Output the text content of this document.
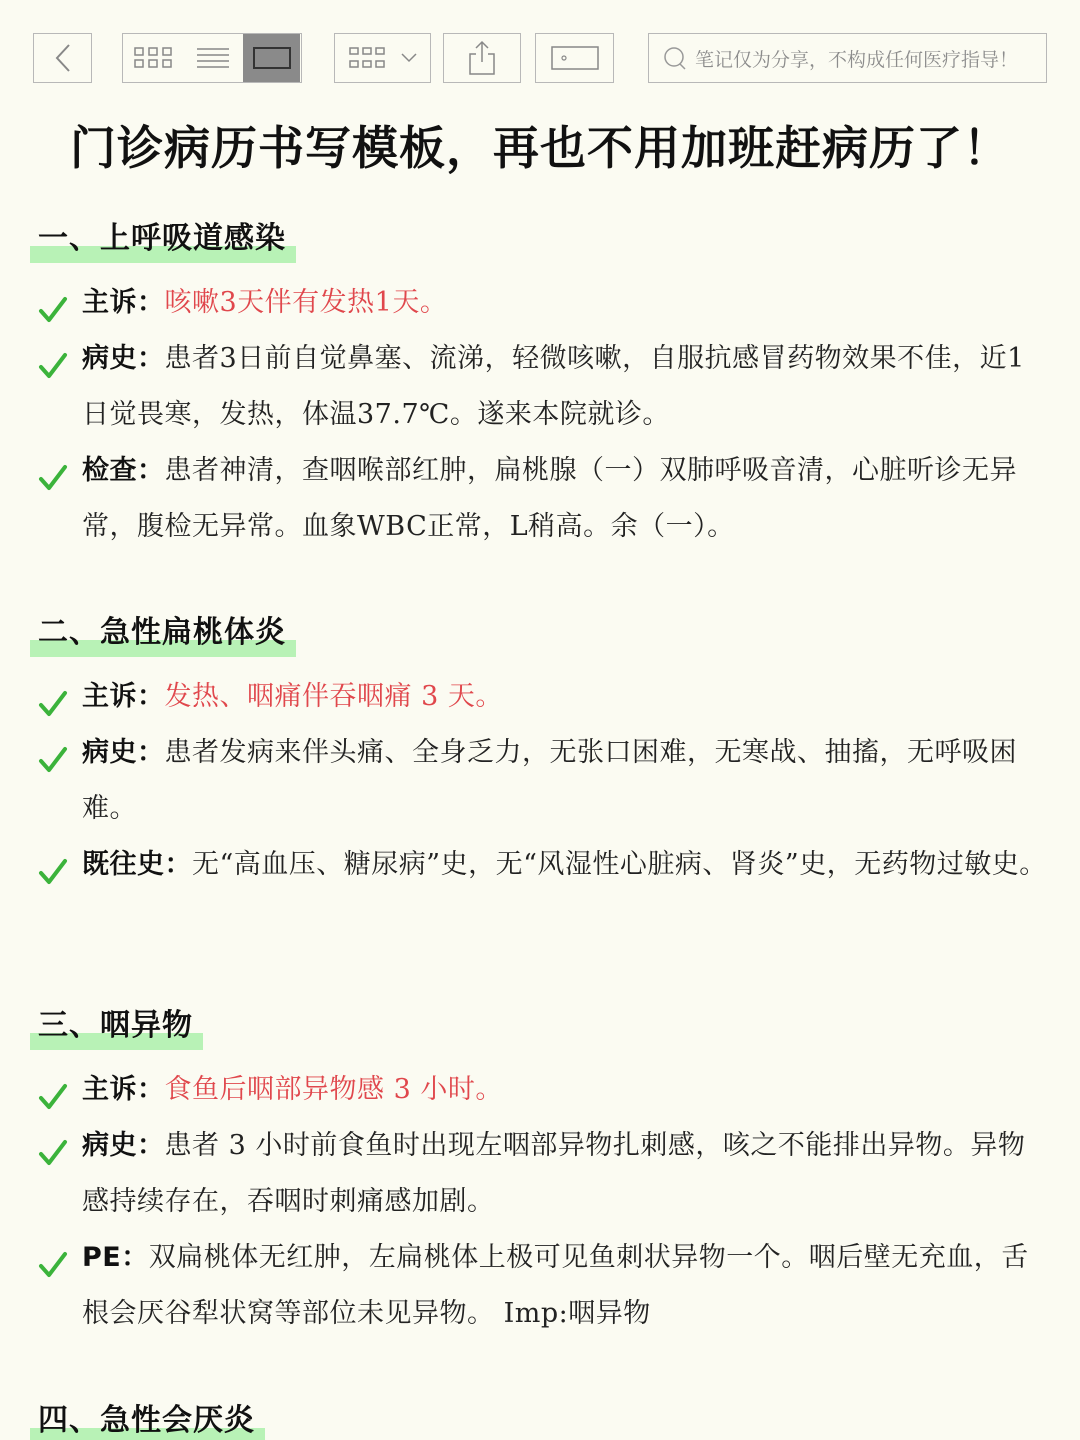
笔记仅为分享，不构成任何医疗指导！
门诊病历书写模板，再也不用加班赶病历了！
一、上呼吸道感染
主诉：咳嗽3天伴有发热1天。
病史：患者3日前自觉鼻塞、流涕，轻微咳嗽，自服抗感冒药物效果不佳，近1日觉畏寒，发热，体温37.7℃。遂来本院就诊。
检查：患者神清，查咽喉部红肿，扁桃腺（一）双肺呼吸音清，心脏听诊无异常，腹检无异常。血象WBC正常，L稍高。余（一）。
二、急性扁桃体炎
主诉：发热、咽痛伴吞咽痛 3 天。
病史：患者发病来伴头痛、全身乏力，无张口困难，无寒战、抽搐，无呼吸困难。
既往史：无“高血压、糖尿病”史，无“风湿性心脏病、肾炎”史，无药物过敏史。
三、咽异物
主诉：食鱼后咽部异物感 3 小时。
病史：患者 3 小时前食鱼时出现左咽部异物扎刺感，咳之不能排出异物。异物感持续存在，吞咽时刺痛感加剧。
PE：双扁桃体无红肿，左扁桃体上极可见鱼刺状异物一个。咽后壁无充血，舌根会厌谷犁状窝等部位未见异物。 Imp:咽异物
四、急性会厌炎
